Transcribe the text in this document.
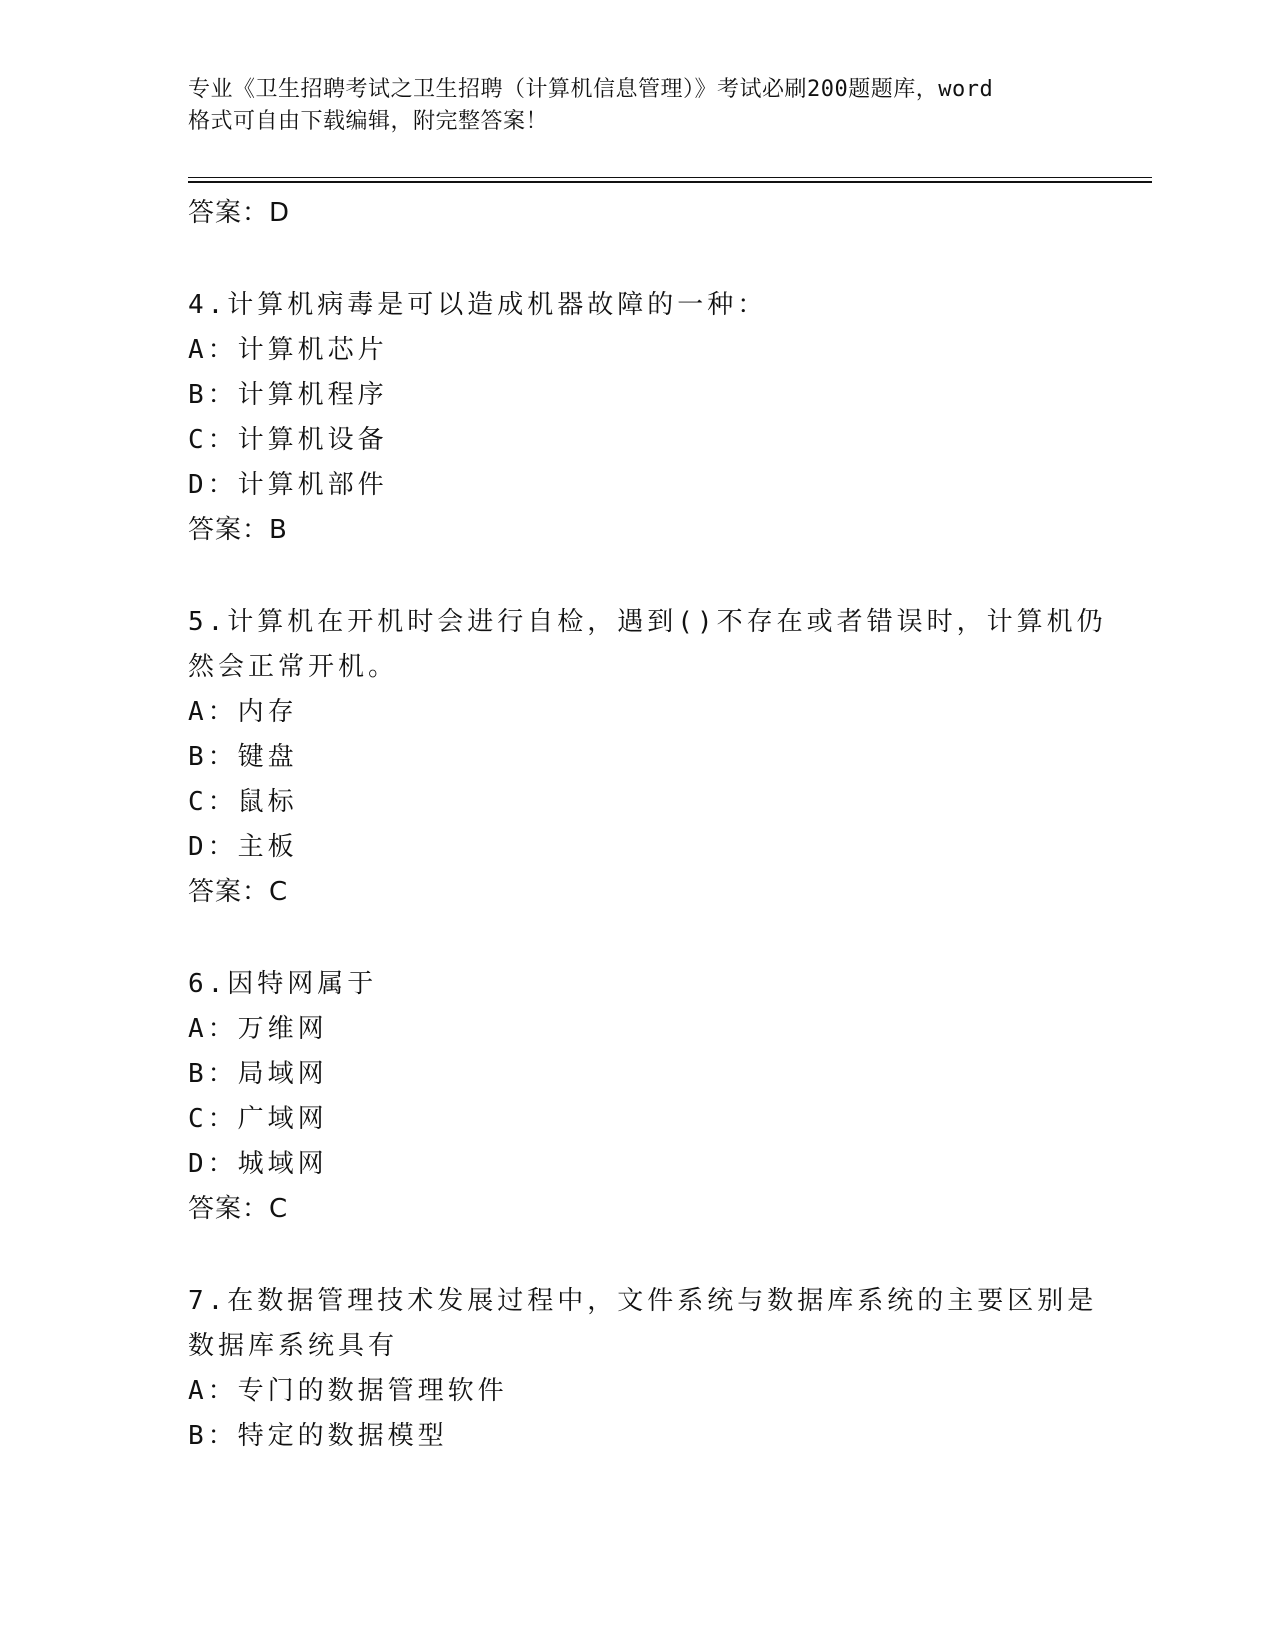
专业《卫生招聘考试之卫生招聘（计算机信息管理）》考试必刷200题题库，word
格式可自由下载编辑，附完整答案！
答案：D
4.计算机病毒是可以造成机器故障的一种：
A：计算机芯片
B：计算机程序
C：计算机设备
D：计算机部件
答案：B
5.计算机在开机时会进行自检，遇到()不存在或者错误时，计算机仍
然会正常开机。
A：内存
B：键盘
C：鼠标
D：主板
答案：C
6.因特网属于
A：万维网
B：局域网
C：广域网
D：城域网
答案：C
7.在数据管理技术发展过程中，文件系统与数据库系统的主要区别是
数据库系统具有
A：专门的数据管理软件
B：特定的数据模型
